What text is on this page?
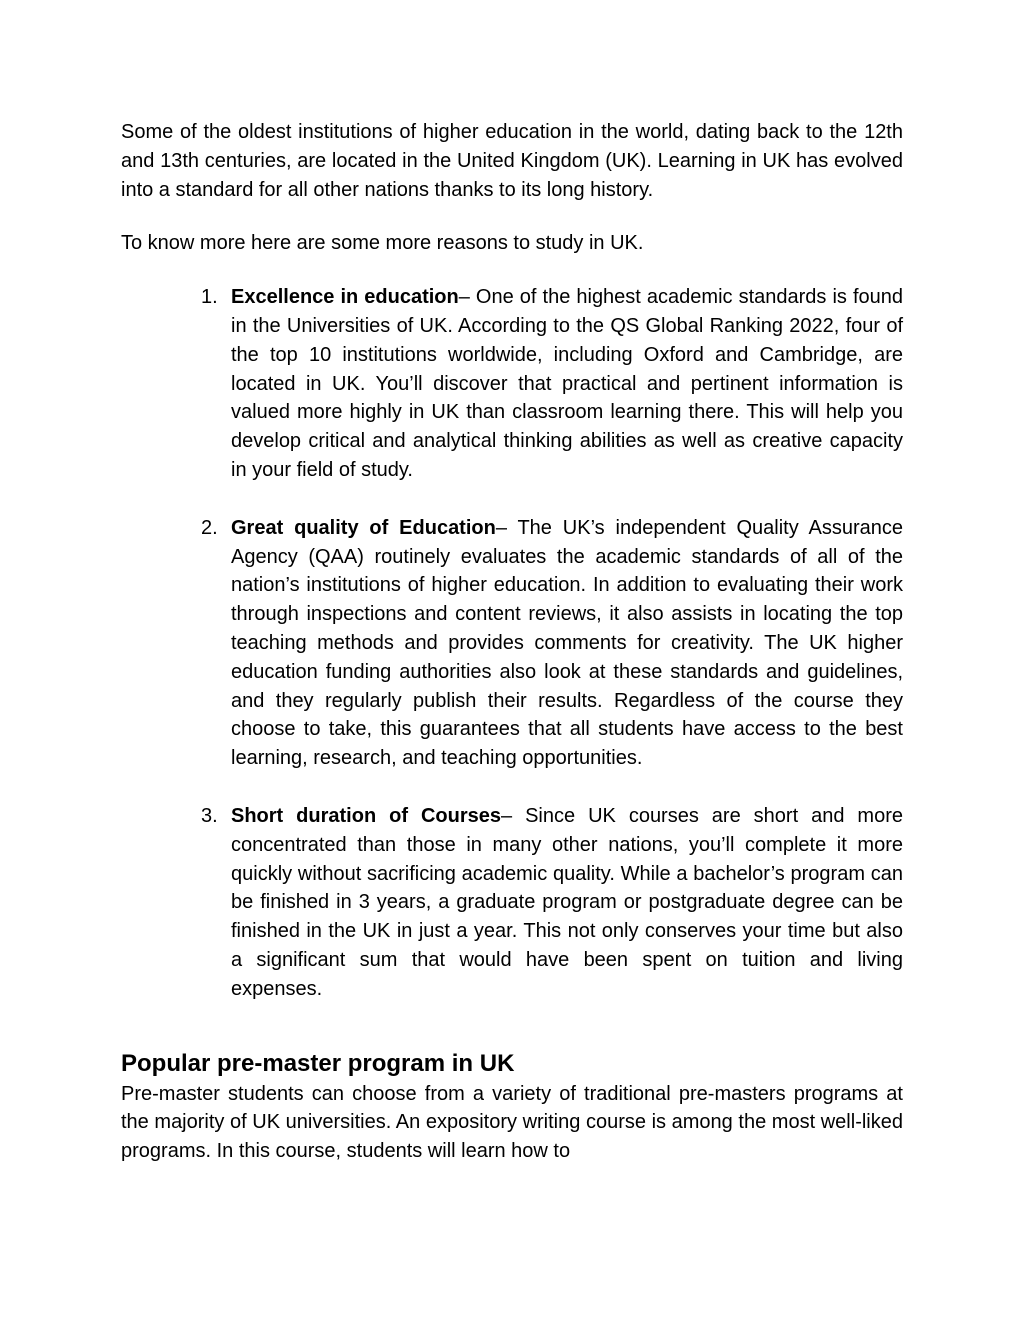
Some of the oldest institutions of higher education in the world, dating back to the 12th and 13th centuries, are located in the United Kingdom (UK). Learning in UK has evolved into a standard for all other nations thanks to its long history.

To know more here are some more reasons to study in UK.

1. Excellence in education– One of the highest academic standards is found in the Universities of UK. According to the QS Global Ranking 2022, four of the top 10 institutions worldwide, including Oxford and Cambridge, are located in UK. You’ll discover that practical and pertinent information is valued more highly in UK than classroom learning there. This will help you develop critical and analytical thinking abilities as well as creative capacity in your field of study.
2. Great quality of Education– The UK’s independent Quality Assurance Agency (QAA) routinely evaluates the academic standards of all of the nation’s institutions of higher education. In addition to evaluating their work through inspections and content reviews, it also assists in locating the top teaching methods and provides comments for creativity. The UK higher education funding authorities also look at these standards and guidelines, and they regularly publish their results. Regardless of the course they choose to take, this guarantees that all students have access to the best learning, research, and teaching opportunities.
3. Short duration of Courses– Since UK courses are short and more concentrated than those in many other nations, you’ll complete it more quickly without sacrificing academic quality. While a bachelor’s program can be finished in 3 years, a graduate program or postgraduate degree can be finished in the UK in just a year. This not only conserves your time but also a significant sum that would have been spent on tuition and living expenses.
Popular pre-master program in UK

Pre-master students can choose from a variety of traditional pre-masters programs at the majority of UK universities. An expository writing course is among the most well-liked programs. In this course, students will learn how to
